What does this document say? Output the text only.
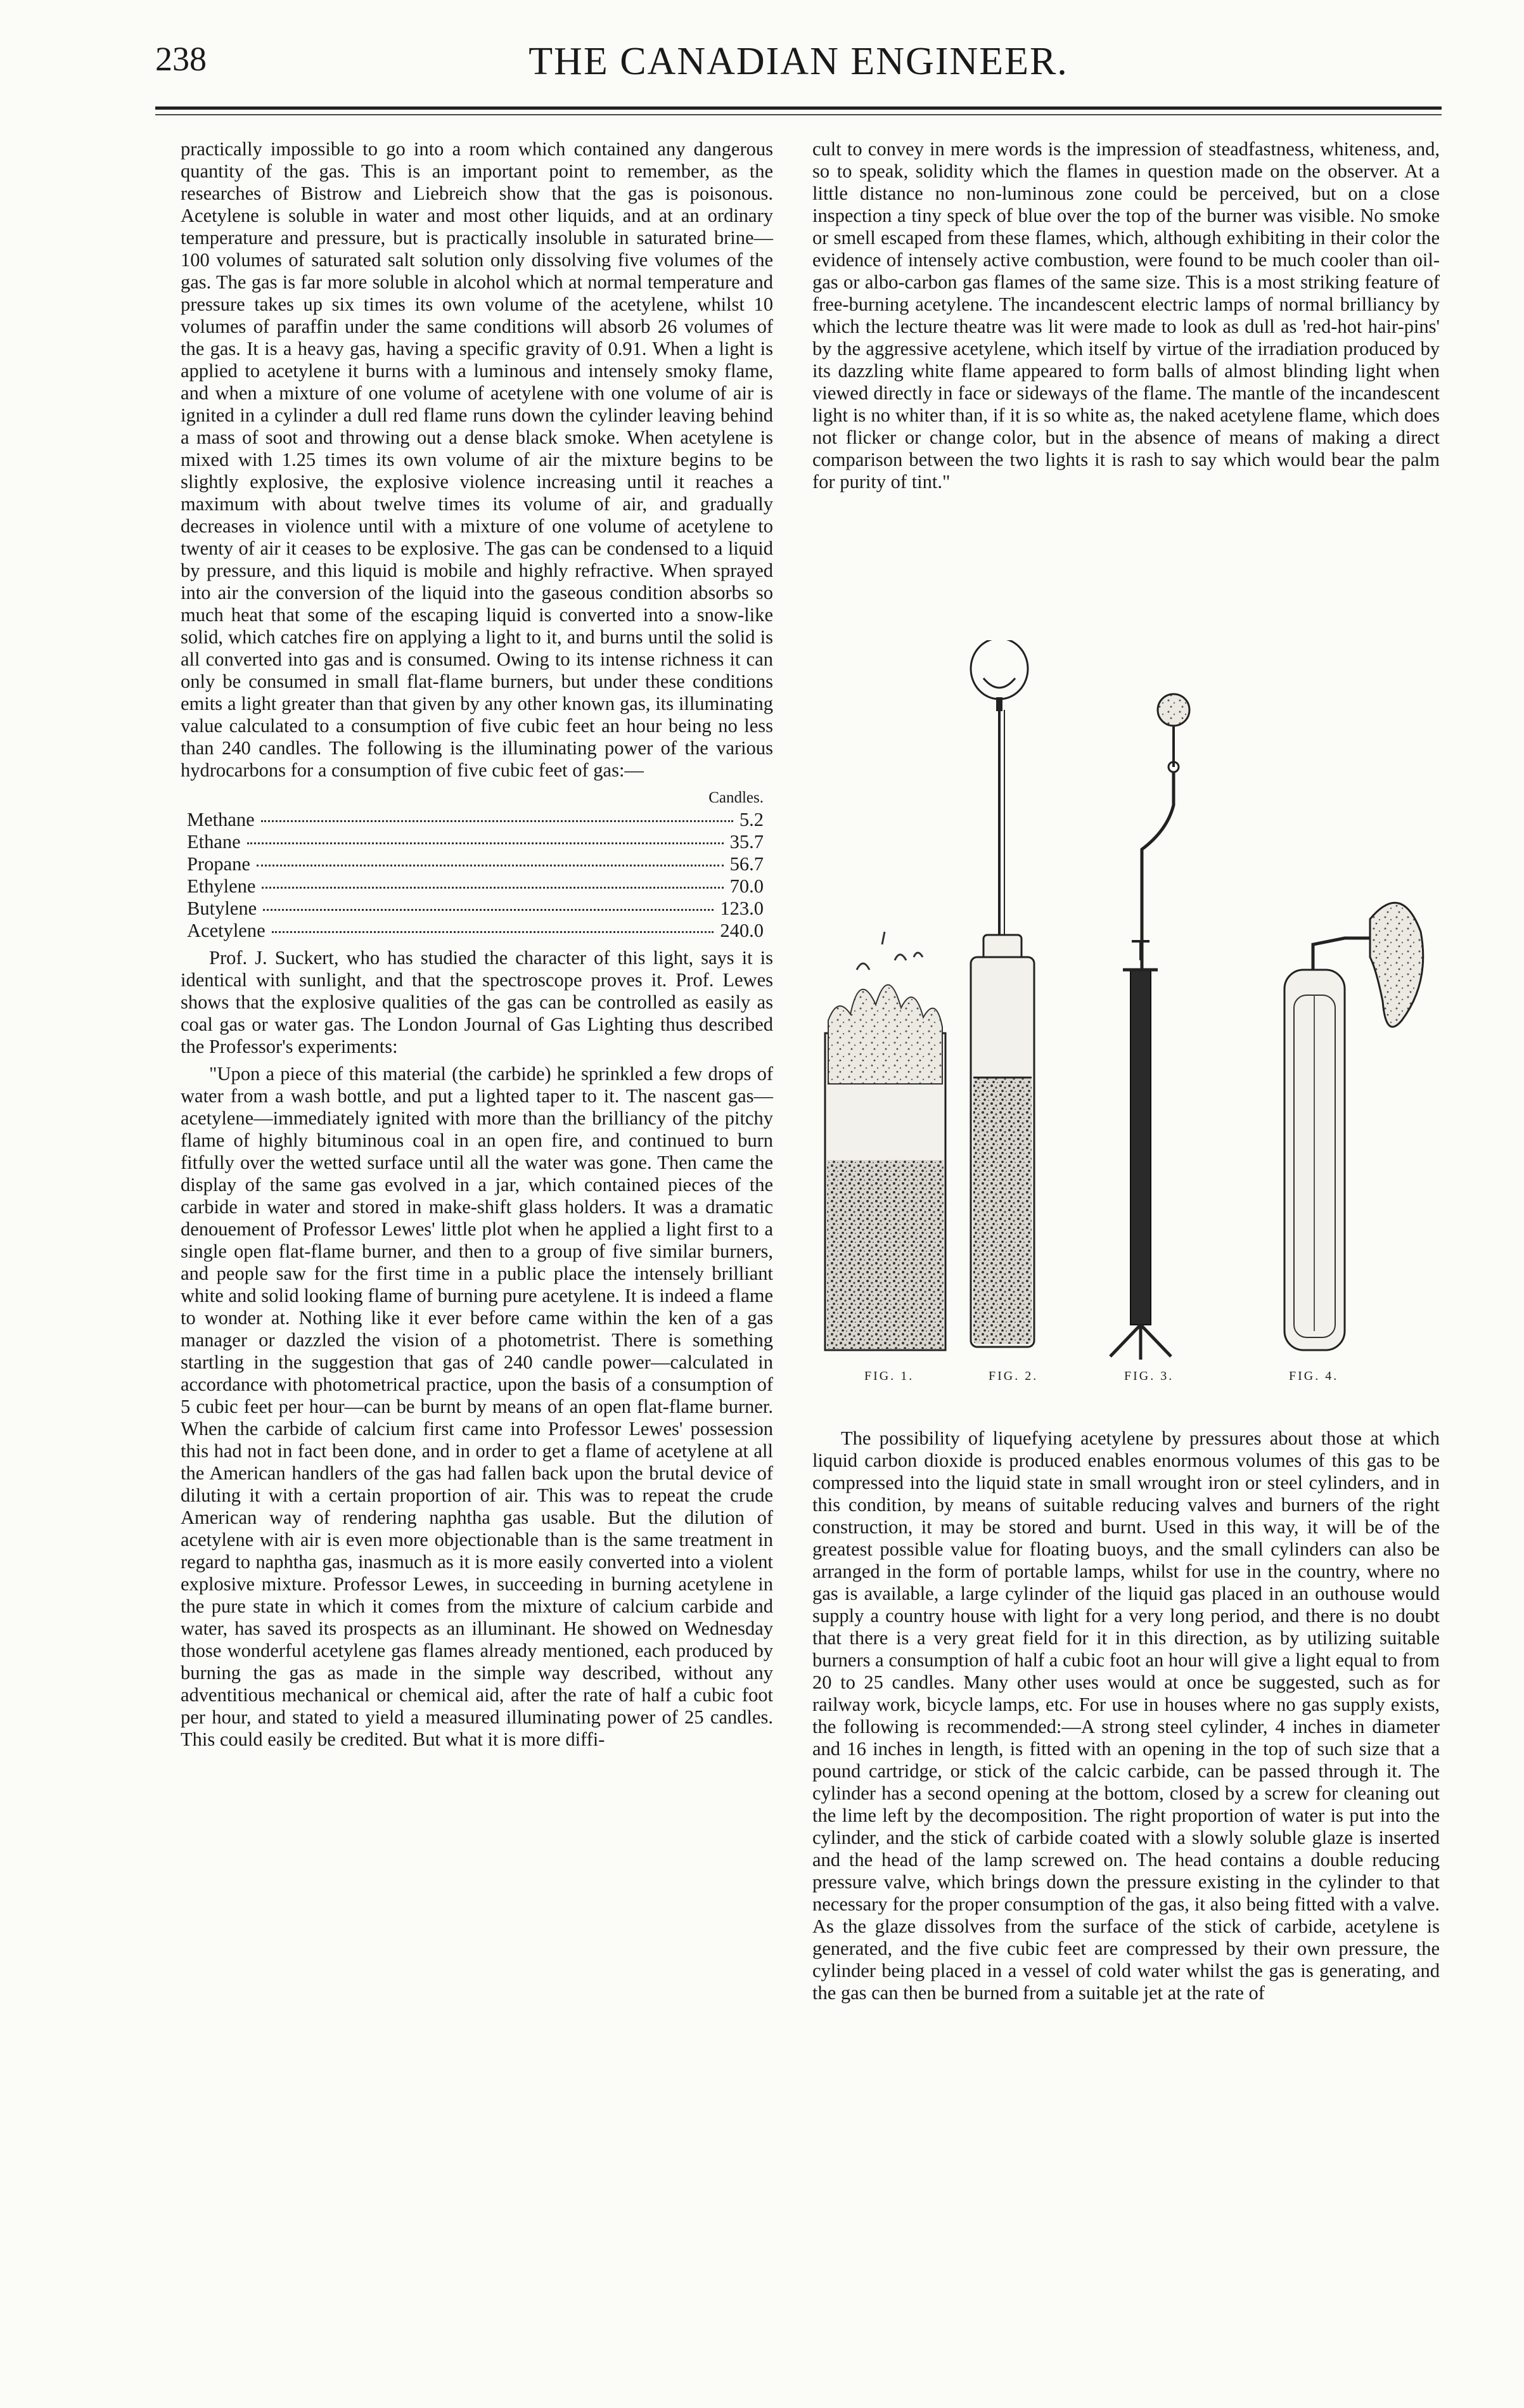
238	THE CANADIAN ENGINEER.

practically impossible to go into a room which contained any dangerous quantity of the gas. This is an important point to remember, as the researches of Bistrow and Liebreich show that the gas is poisonous. Acetylene is soluble in water and most other liquids, and at an ordinary temperature and pressure, but is practically insoluble in saturated brine—100 volumes of saturated salt solution only dissolving five volumes of the gas. The gas is far more soluble in alcohol which at normal temperature and pressure takes up six times its own volume of the acetylene, whilst 10 volumes of paraffin under the same conditions will absorb 26 volumes of the gas. It is a heavy gas, having a specific gravity of 0.91. When a light is applied to acetylene it burns with a luminous and intensely smoky flame, and when a mixture of one volume of acetylene with one volume of air is ignited in a cylinder a dull red flame runs down the cylinder leaving behind a mass of soot and throwing out a dense black smoke. When acetylene is mixed with 1.25 times its own volume of air the mixture begins to be slightly explosive, the explosive violence increasing until it reaches a maximum with about twelve times its volume of air, and gradually decreases in violence until with a mixture of one volume of acetylene to twenty of air it ceases to be explosive. The gas can be condensed to a liquid by pressure, and this liquid is mobile and highly refractive. When sprayed into air the conversion of the liquid into the gaseous condition absorbs so much heat that some of the escaping liquid is converted into a snow-like solid, which catches fire on applying a light to it, and burns until the solid is all converted into gas and is consumed. Owing to its intense richness it can only be consumed in small flat-flame burners, but under these conditions emits a light greater than that given by any other known gas, its illuminating value calculated to a consumption of five cubic feet an hour being no less than 240 candles. The following is the illuminating power of the various hydrocarbons for a consumption of five cubic feet of gas:—

Candles.
Methane	5.2
Ethane	35.7
Propane	56.7
Ethylene	70.0
Butylene	123.0
Acetylene	240.0

Prof. J. Suckert, who has studied the character of this light, says it is identical with sunlight, and that the spectroscope proves it. Prof. Lewes shows that the explosive qualities of the gas can be controlled as easily as coal gas or water gas. The London Journal of Gas Lighting thus described the Professor's experiments:

"Upon a piece of this material (the carbide) he sprinkled a few drops of water from a wash bottle, and put a lighted taper to it. The nascent gas—acetylene—immediately ignited with more than the brilliancy of the pitchy flame of highly bituminous coal in an open fire, and continued to burn fitfully over the wetted surface until all the water was gone. Then came the display of the same gas evolved in a jar, which contained pieces of the carbide in water and stored in make-shift glass holders. It was a dramatic denouement of Professor Lewes' little plot when he applied a light first to a single open flat-flame burner, and then to a group of five similar burners, and people saw for the first time in a public place the intensely brilliant white and solid looking flame of burning pure acetylene. It is indeed a flame to wonder at. Nothing like it ever before came within the ken of a gas manager or dazzled the vision of a photometrist. There is something startling in the suggestion that gas of 240 candle power—calculated in accordance with photometrical practice, upon the basis of a consumption of 5 cubic feet per hour—can be burnt by means of an open flat-flame burner. When the carbide of calcium first came into Professor Lewes' possession this had not in fact been done, and in order to get a flame of acetylene at all the American handlers of the gas had fallen back upon the brutal device of diluting it with a certain proportion of air. This was to repeat the crude American way of rendering naphtha gas usable. But the dilution of acetylene with air is even more objectionable than is the same treatment in regard to naphtha gas, inasmuch as it is more easily converted into a violent explosive mixture. Professor Lewes, in succeeding in burning acetylene in the pure state in which it comes from the mixture of calcium carbide and water, has saved its prospects as an illuminant. He showed on Wednesday those wonderful acetylene gas flames already mentioned, each produced by burning the gas as made in the simple way described, without any adventitious mechanical or chemical aid, after the rate of half a cubic foot per hour, and stated to yield a measured illuminating power of 25 candles. This could easily be credited. But what it is more diffi-

cult to convey in mere words is the impression of steadfastness, whiteness, and, so to speak, solidity which the flames in question made on the observer. At a little distance no non-luminous zone could be perceived, but on a close inspection a tiny speck of blue over the top of the burner was visible. No smoke or smell escaped from these flames, which, although exhibiting in their color the evidence of intensely active combustion, were found to be much cooler than oil-gas or albo-carbon gas flames of the same size. This is a most striking feature of free-burning acetylene. The incandescent electric lamps of normal brilliancy by which the lecture theatre was lit were made to look as dull as 'red-hot hair-pins' by the aggressive acetylene, which itself by virtue of the irradiation produced by its dazzling white flame appeared to form balls of almost blinding light when viewed directly in face or sideways of the flame. The mantle of the incandescent light is no whiter than, if it is so white as, the naked acetylene flame, which does not flicker or change color, but in the absence of means of making a direct comparison between the two lights it is rash to say which would bear the palm for purity of tint."

FIG. 1.	FIG. 2.	FIG. 3.	FIG. 4.

The possibility of liquefying acetylene by pressures about those at which liquid carbon dioxide is produced enables enormous volumes of this gas to be compressed into the liquid state in small wrought iron or steel cylinders, and in this condition, by means of suitable reducing valves and burners of the right construction, it may be stored and burnt. Used in this way, it will be of the greatest possible value for floating buoys, and the small cylinders can also be arranged in the form of portable lamps, whilst for use in the country, where no gas is available, a large cylinder of the liquid gas placed in an outhouse would supply a country house with light for a very long period, and there is no doubt that there is a very great field for it in this direction, as by utilizing suitable burners a consumption of half a cubic foot an hour will give a light equal to from 20 to 25 candles. Many other uses would at once be suggested, such as for railway work, bicycle lamps, etc. For use in houses where no gas supply exists, the following is recommended:—A strong steel cylinder, 4 inches in diameter and 16 inches in length, is fitted with an opening in the top of such size that a pound cartridge, or stick of the calcic carbide, can be passed through it. The cylinder has a second opening at the bottom, closed by a screw for cleaning out the lime left by the decomposition. The right proportion of water is put into the cylinder, and the stick of carbide coated with a slowly soluble glaze is inserted and the head of the lamp screwed on. The head contains a double reducing pressure valve, which brings down the pressure existing in the cylinder to that necessary for the proper consumption of the gas, it also being fitted with a valve. As the glaze dissolves from the surface of the stick of carbide, acetylene is generated, and the five cubic feet are compressed by their own pressure, the cylinder being placed in a vessel of cold water whilst the gas is generating, and the gas can then be burned from a suitable jet at the rate of
